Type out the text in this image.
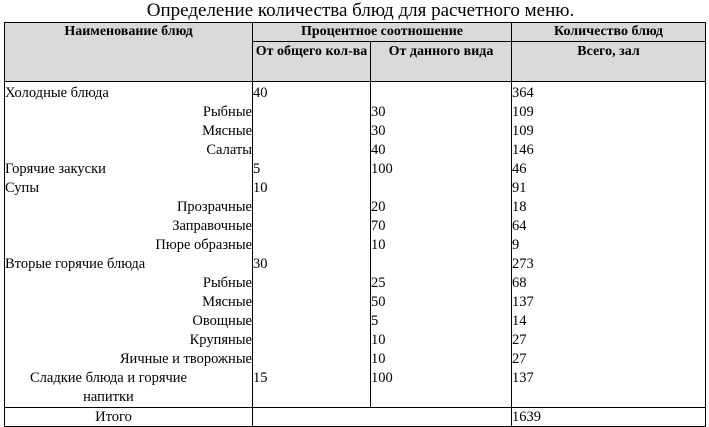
Определение количества блюд для расчетного меню.
Наименование блюд	Процентное соотношение		Количество блюд
	От общего кол-ва	От данного вида	Всего, зал
Холодные блюда	40		364
Рыбные		30	109
Мясные		30	109
Салаты		40	146
Горячие закуски	5	100	46
Супы	10		91
Прозрачные		20	18
Заправочные		70	64
Пюре образные		10	9
Вторые горячие блюда	30		273
Рыбные		25	68
Мясные		50	137
Овощные		5	14
Крупяные		10	27
Яичные и творожные		10	27
Сладкие блюда и горячие напитки	15	100	137
Итого			1639
